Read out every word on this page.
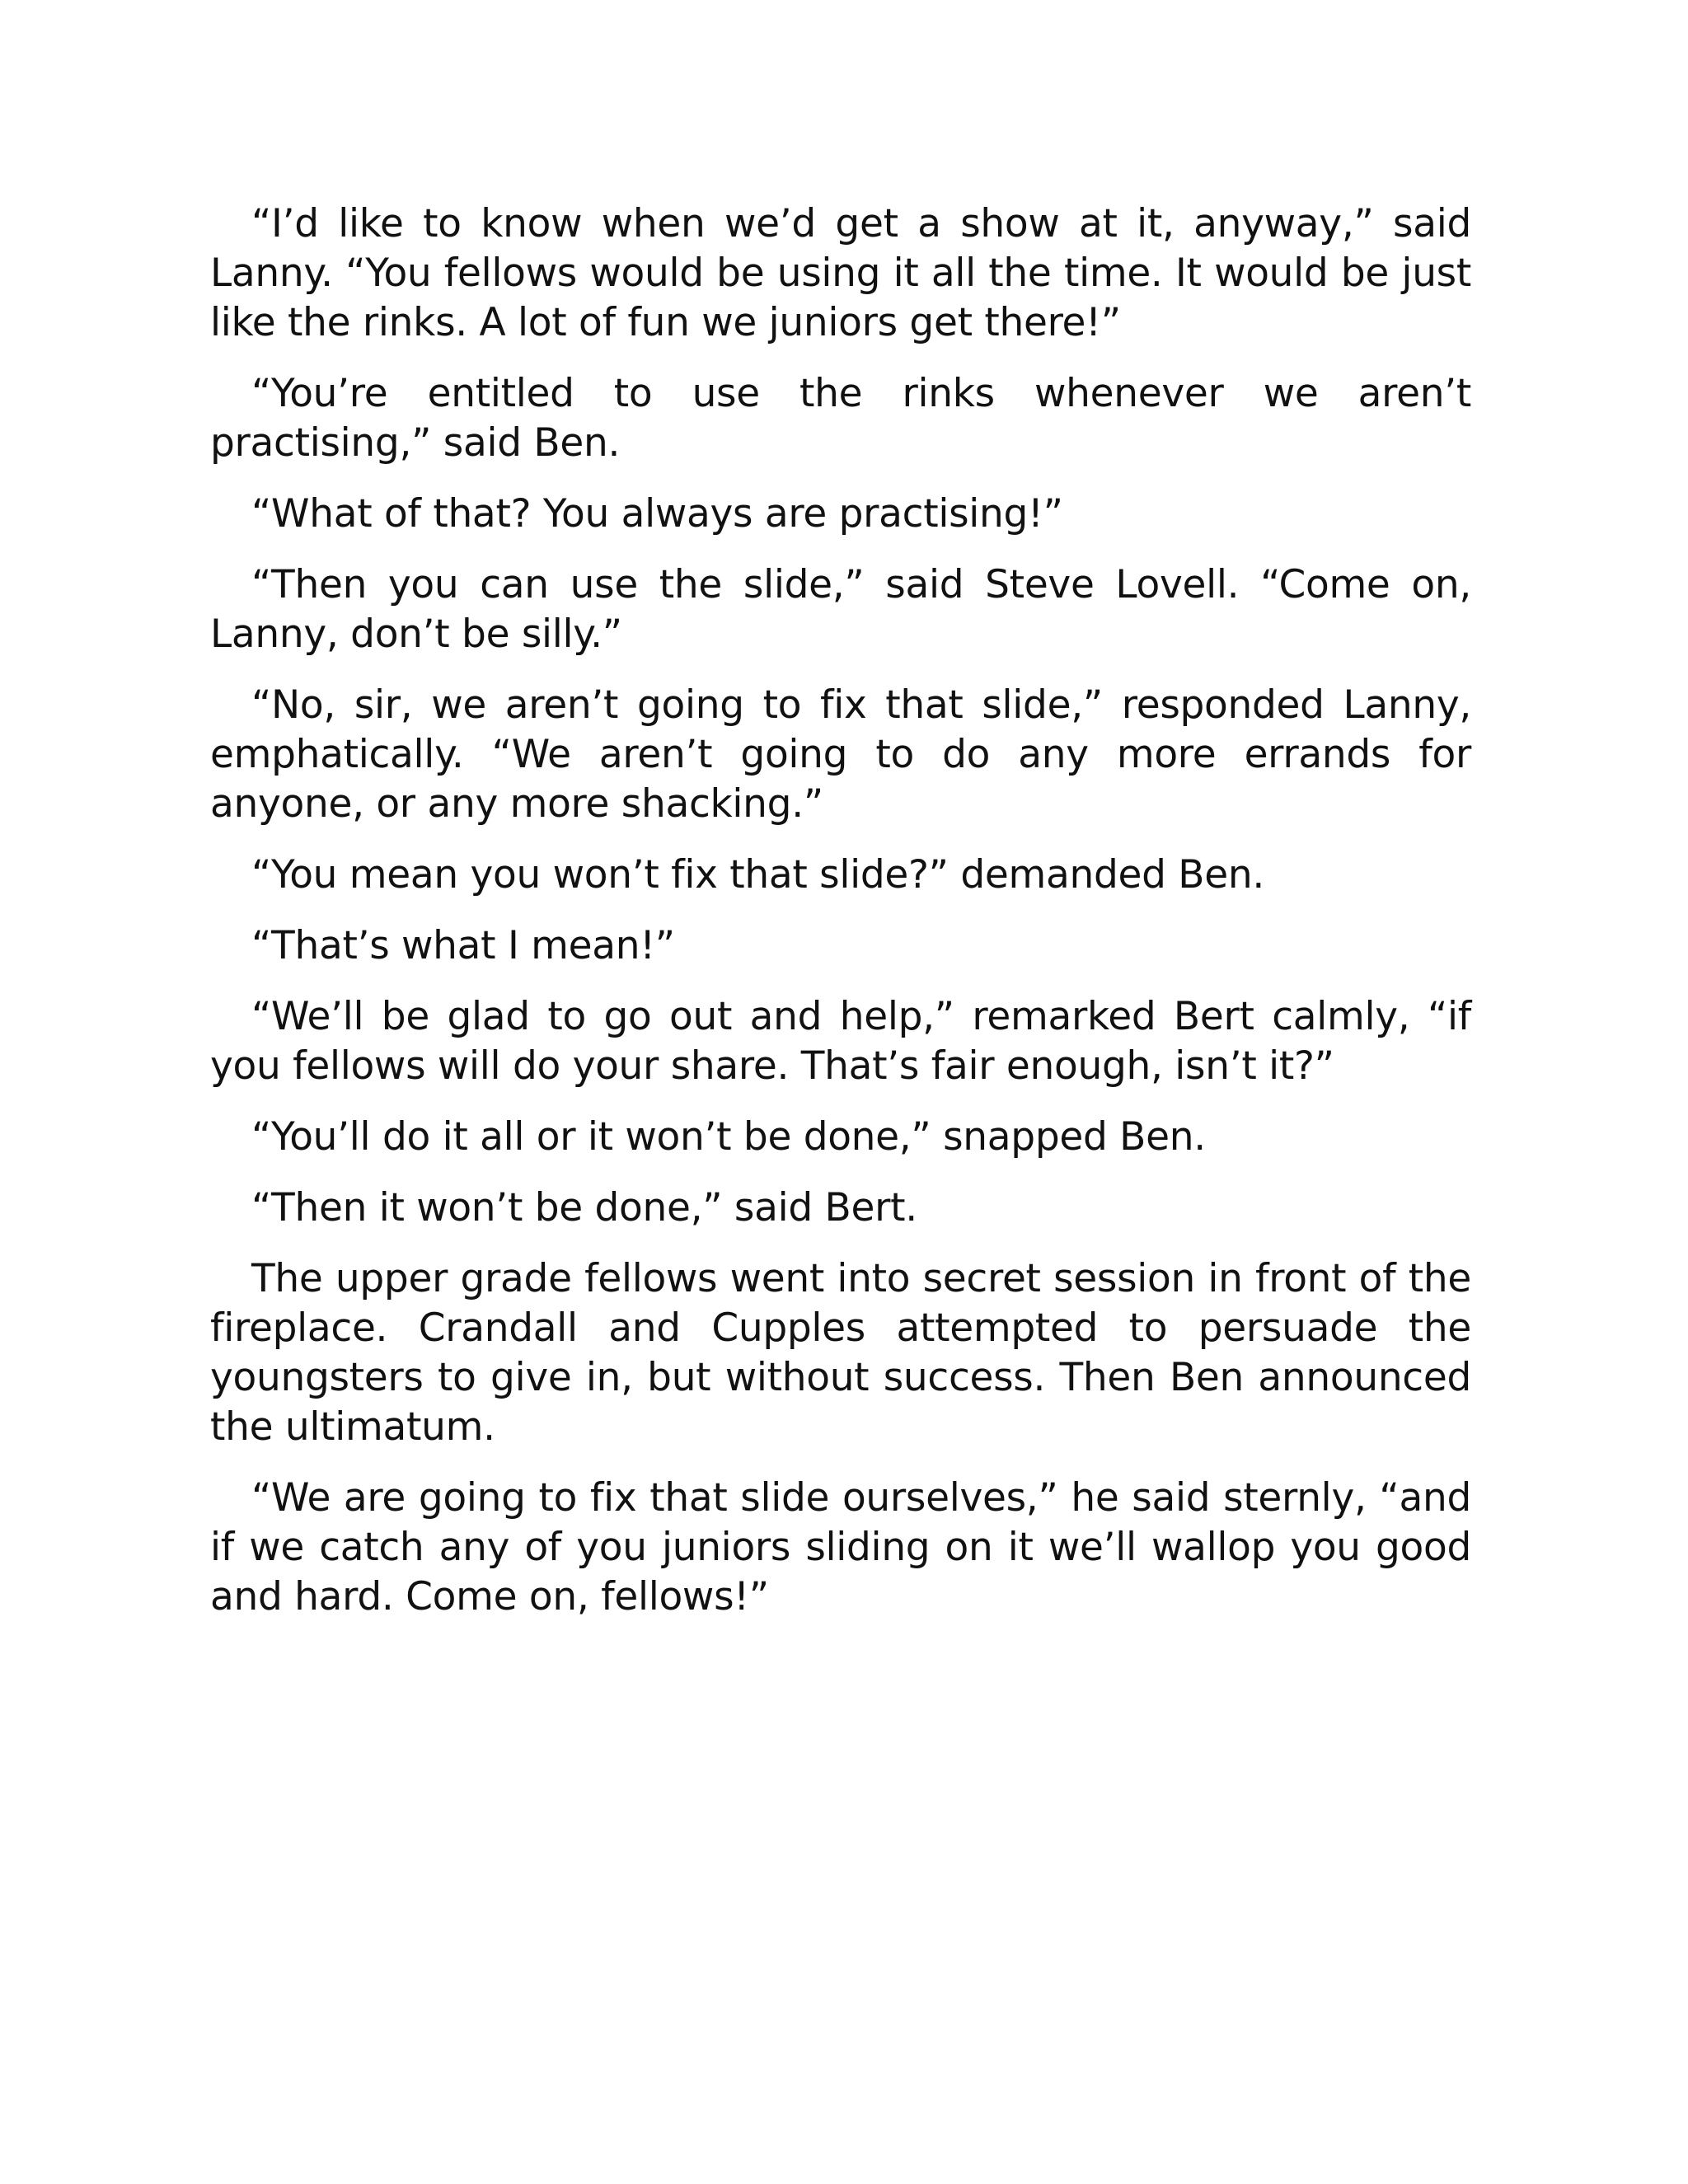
“I’d like to know when we’d get a show at it, anyway,” said Lanny. “You fellows would be using it all the time. It would be just like the rinks. A lot of fun we juniors get there!”

“You’re entitled to use the rinks whenever we aren’t practising,” said Ben.

“What of that? You always are practising!”

“Then you can use the slide,” said Steve Lovell. “Come on, Lanny, don’t be silly.”

“No, sir, we aren’t going to fix that slide,” responded Lanny, emphatically. “We aren’t going to do any more errands for anyone, or any more shacking.”

“You mean you won’t fix that slide?” demanded Ben.

“That’s what I mean!”

“We’ll be glad to go out and help,” remarked Bert calmly, “if you fellows will do your share. That’s fair enough, isn’t it?”

“You’ll do it all or it won’t be done,” snapped Ben.

“Then it won’t be done,” said Bert.

The upper grade fellows went into secret session in front of the fireplace. Crandall and Cupples attempted to persuade the youngsters to give in, but without success. Then Ben announced the ultimatum.

“We are going to fix that slide ourselves,” he said sternly, “and if we catch any of you juniors sliding on it we’ll wallop you good and hard. Come on, fellows!”
